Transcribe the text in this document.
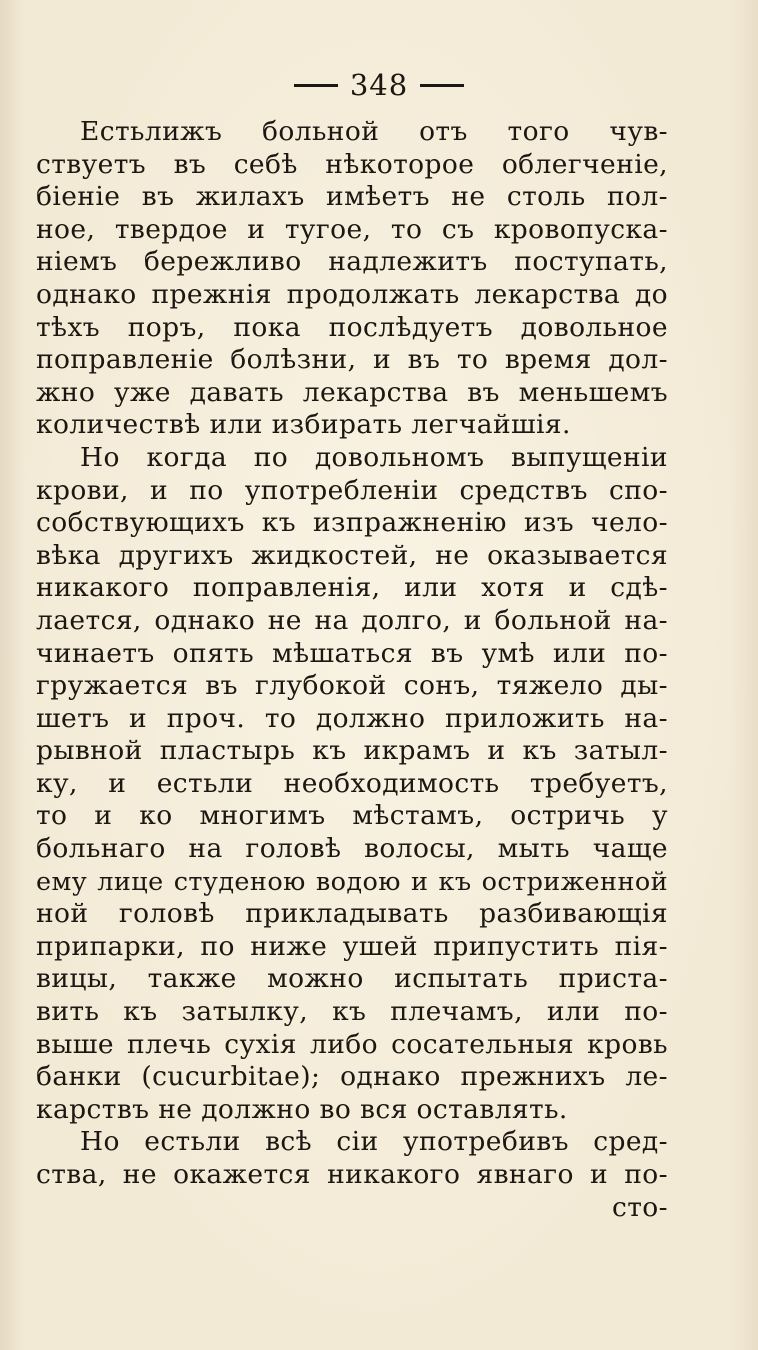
348
Естьлижъ больной отъ того чув-
ствуетъ въ себѣ нѣкоторое облегченіе,
біеніе въ жилахъ имѣетъ не столь пол-
ное, твердое и тугое, то съ кровопуска-
ніемъ бережливо надлежитъ поступать,
однако прежнія продолжать лекарства до
тѣхъ поръ, пока послѣдуетъ довольное
поправленіе болѣзни, и въ то время дол-
жно уже давать лекарства въ меньшемъ
количествѣ или избирать легчайшія.
Но когда по довольномъ выпущеніи
крови, и по употребленіи средствъ спо-
собствующихъ къ изпражненію изъ чело-
вѣка другихъ жидкостей, не оказывается
никакого поправленія, или хотя и сдѣ-
лается, однако не на долго, и больной на-
чинаетъ опять мѣшаться въ умѣ или по-
гружается въ глубокой сонъ, тяжело ды-
шетъ и проч. то должно приложить на-
рывной пластырь къ икрамъ и къ затыл-
ку, и естьли необходимость требуетъ,
то и ко многимъ мѣстамъ, остричь у
больнаго на головѣ волосы, мыть чаще
ему лице студеною водою и къ остриженной
ной головѣ прикладывать разбивающія
припарки, по ниже ушей припустить пія-
вицы, также можно испытать приста-
вить къ затылку, къ плечамъ, или по-
выше плечь сухія либо сосательныя кровь
банки (cucurbitae); однако прежнихъ ле-
карствъ не должно во вся оставлять.
Но естьли всѣ сіи употребивъ сред-
ства, не окажется никакого явнаго и по-
сто-
